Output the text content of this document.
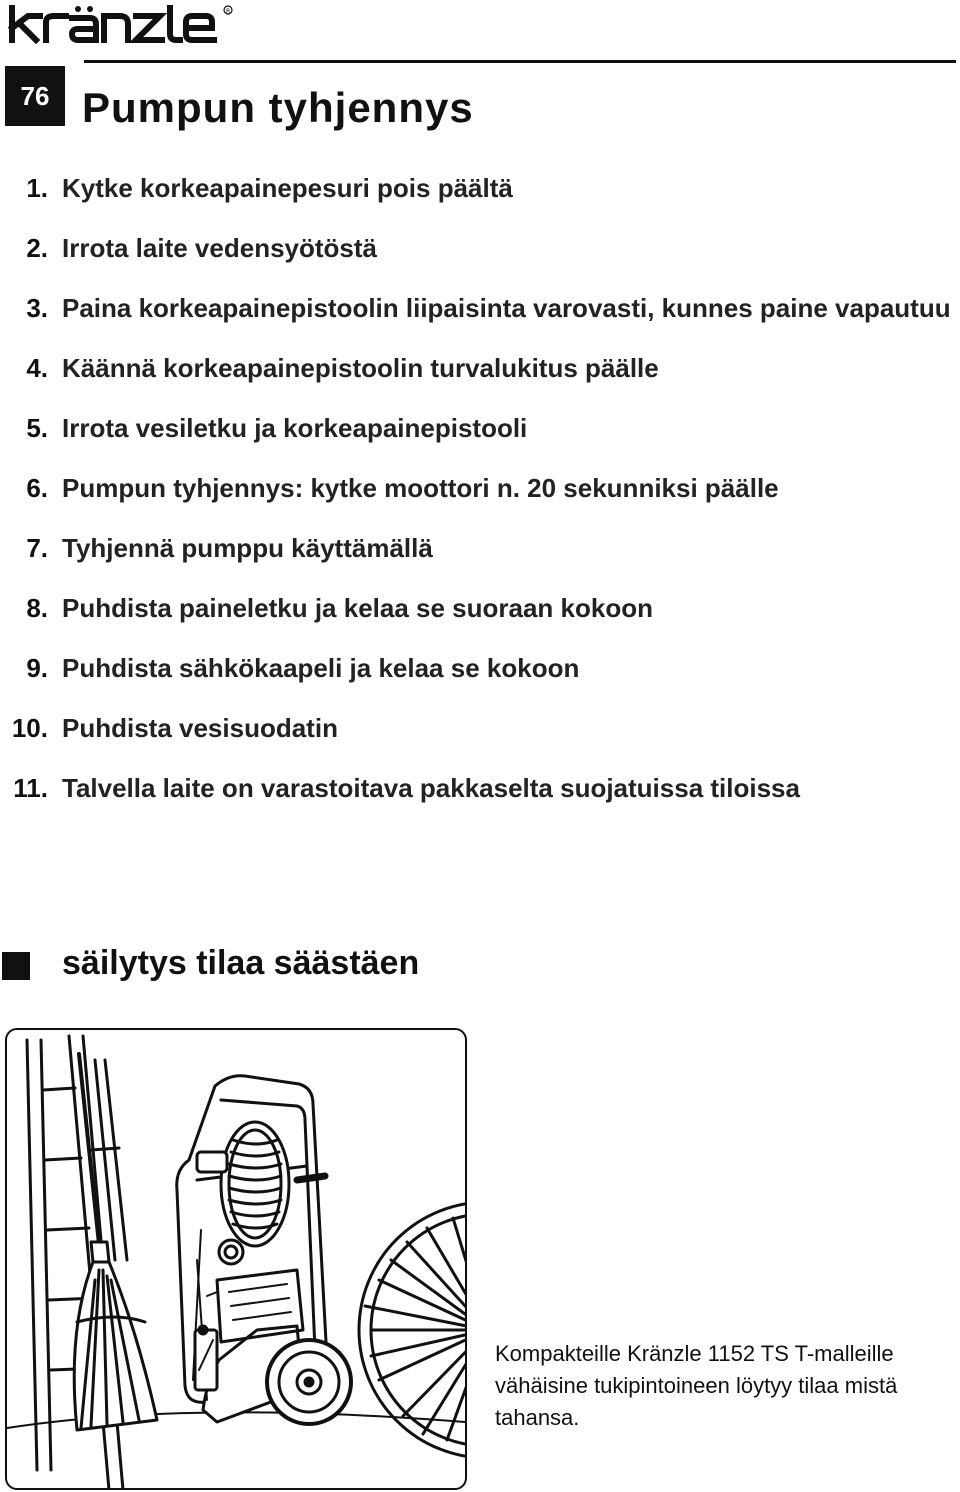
R
76 Pumpun tyhjennys
1. Kytke korkeapainepesuri pois päältä
2. Irrota laite vedensyötöstä
3. Paina korkeapainepistoolin liipaisinta varovasti, kunnes paine vapautuu
4. Käännä korkeapainepistoolin turvalukitus päälle
5. Irrota vesiletku ja korkeapainepistooli
6. Pumpun tyhjennys: kytke moottori n. 20 sekunniksi päälle
7. Tyhjennä pumppu käyttämällä
8. Puhdista paineletku ja kelaa se suoraan kokoon
9. Puhdista sähkökaapeli ja kelaa se kokoon
10. Puhdista vesisuodatin
11. Talvella laite on varastoitava pakkaselta suojatuissa tiloissa
säilytys tilaa säästäen
Kompakteille Kränzle 1152 TS T-malleille
vähäisine tukipintoineen löytyy tilaa mistä
tahansa.
